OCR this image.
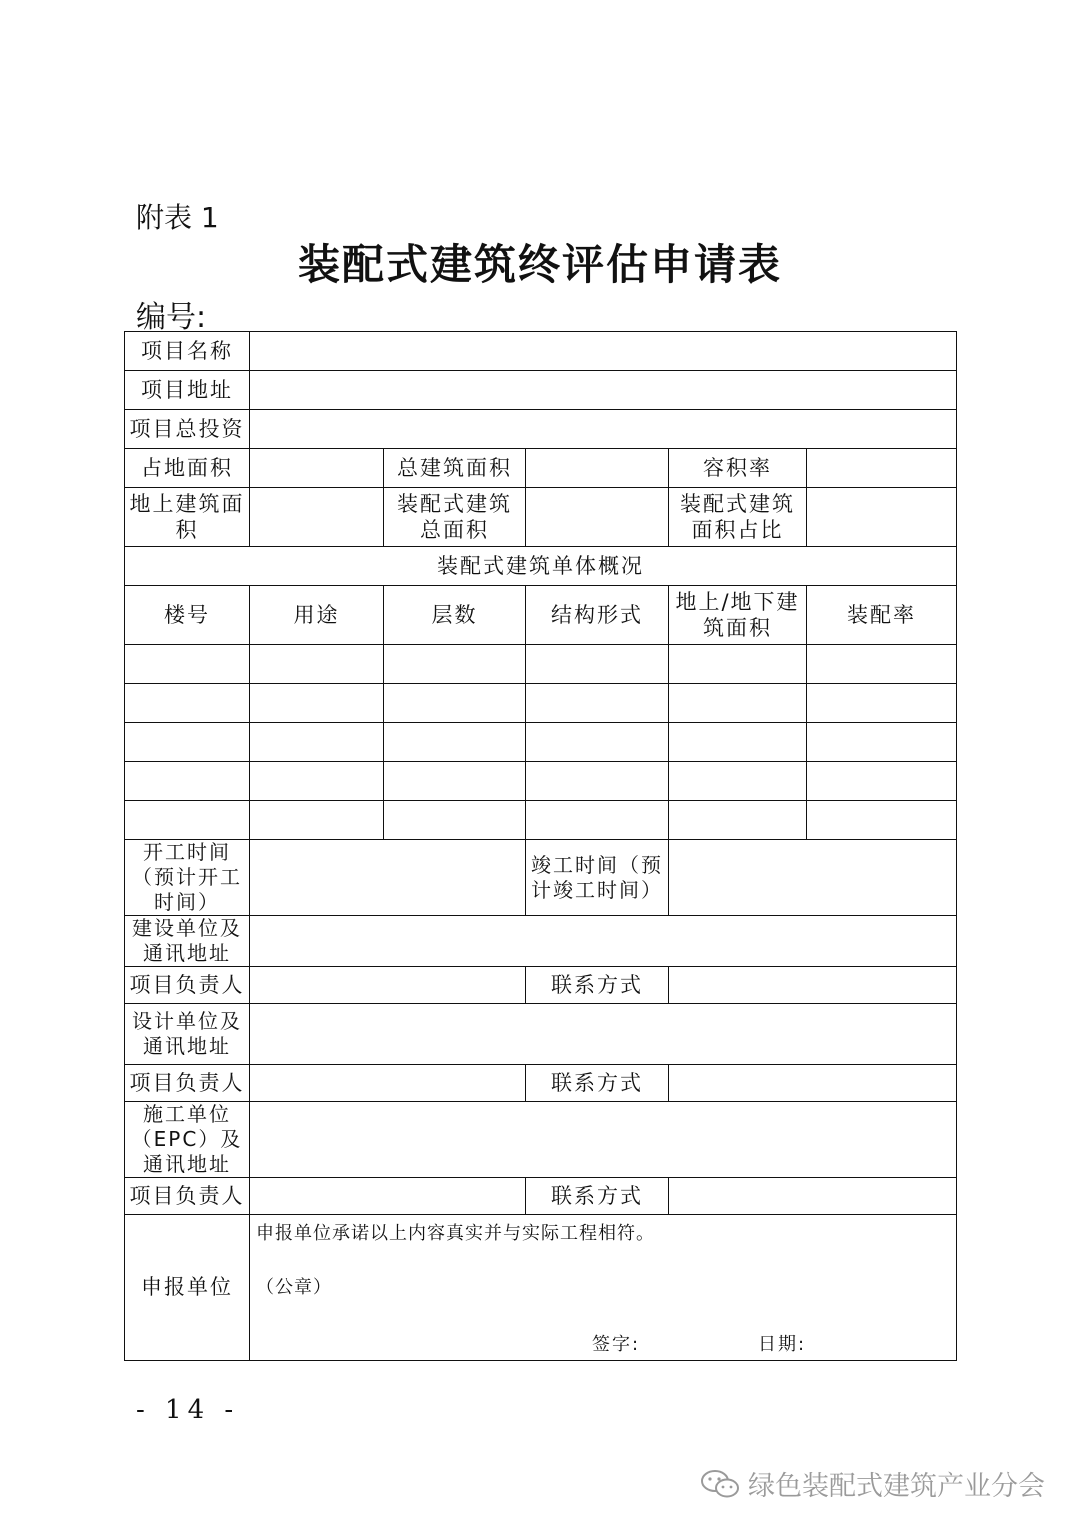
附表 1
装配式建筑终评估申请表
编号:
项目名称					
项目地址					
项目总投资					
占地面积		总建筑面积		容积率	
地上建筑面积		装配式建筑总面积		装配式建筑面积占比	
装配式建筑单体概况					
楼号	用途	层数	结构形式	地上/地下建筑面积	装配率

开工时间（预计开工时间）			竣工时间（预计竣工时间）		
建设单位及通讯地址					
项目负责人			联系方式		
设计单位及通讯地址					
项目负责人			联系方式		
施工单位（EPC）及通讯地址					
项目负责人			联系方式		
申报单位	申报单位承诺以上内容真实并与实际工程相符。
（公章）
签字: 日期:				
- 14 -
绿色装配式建筑产业分会
